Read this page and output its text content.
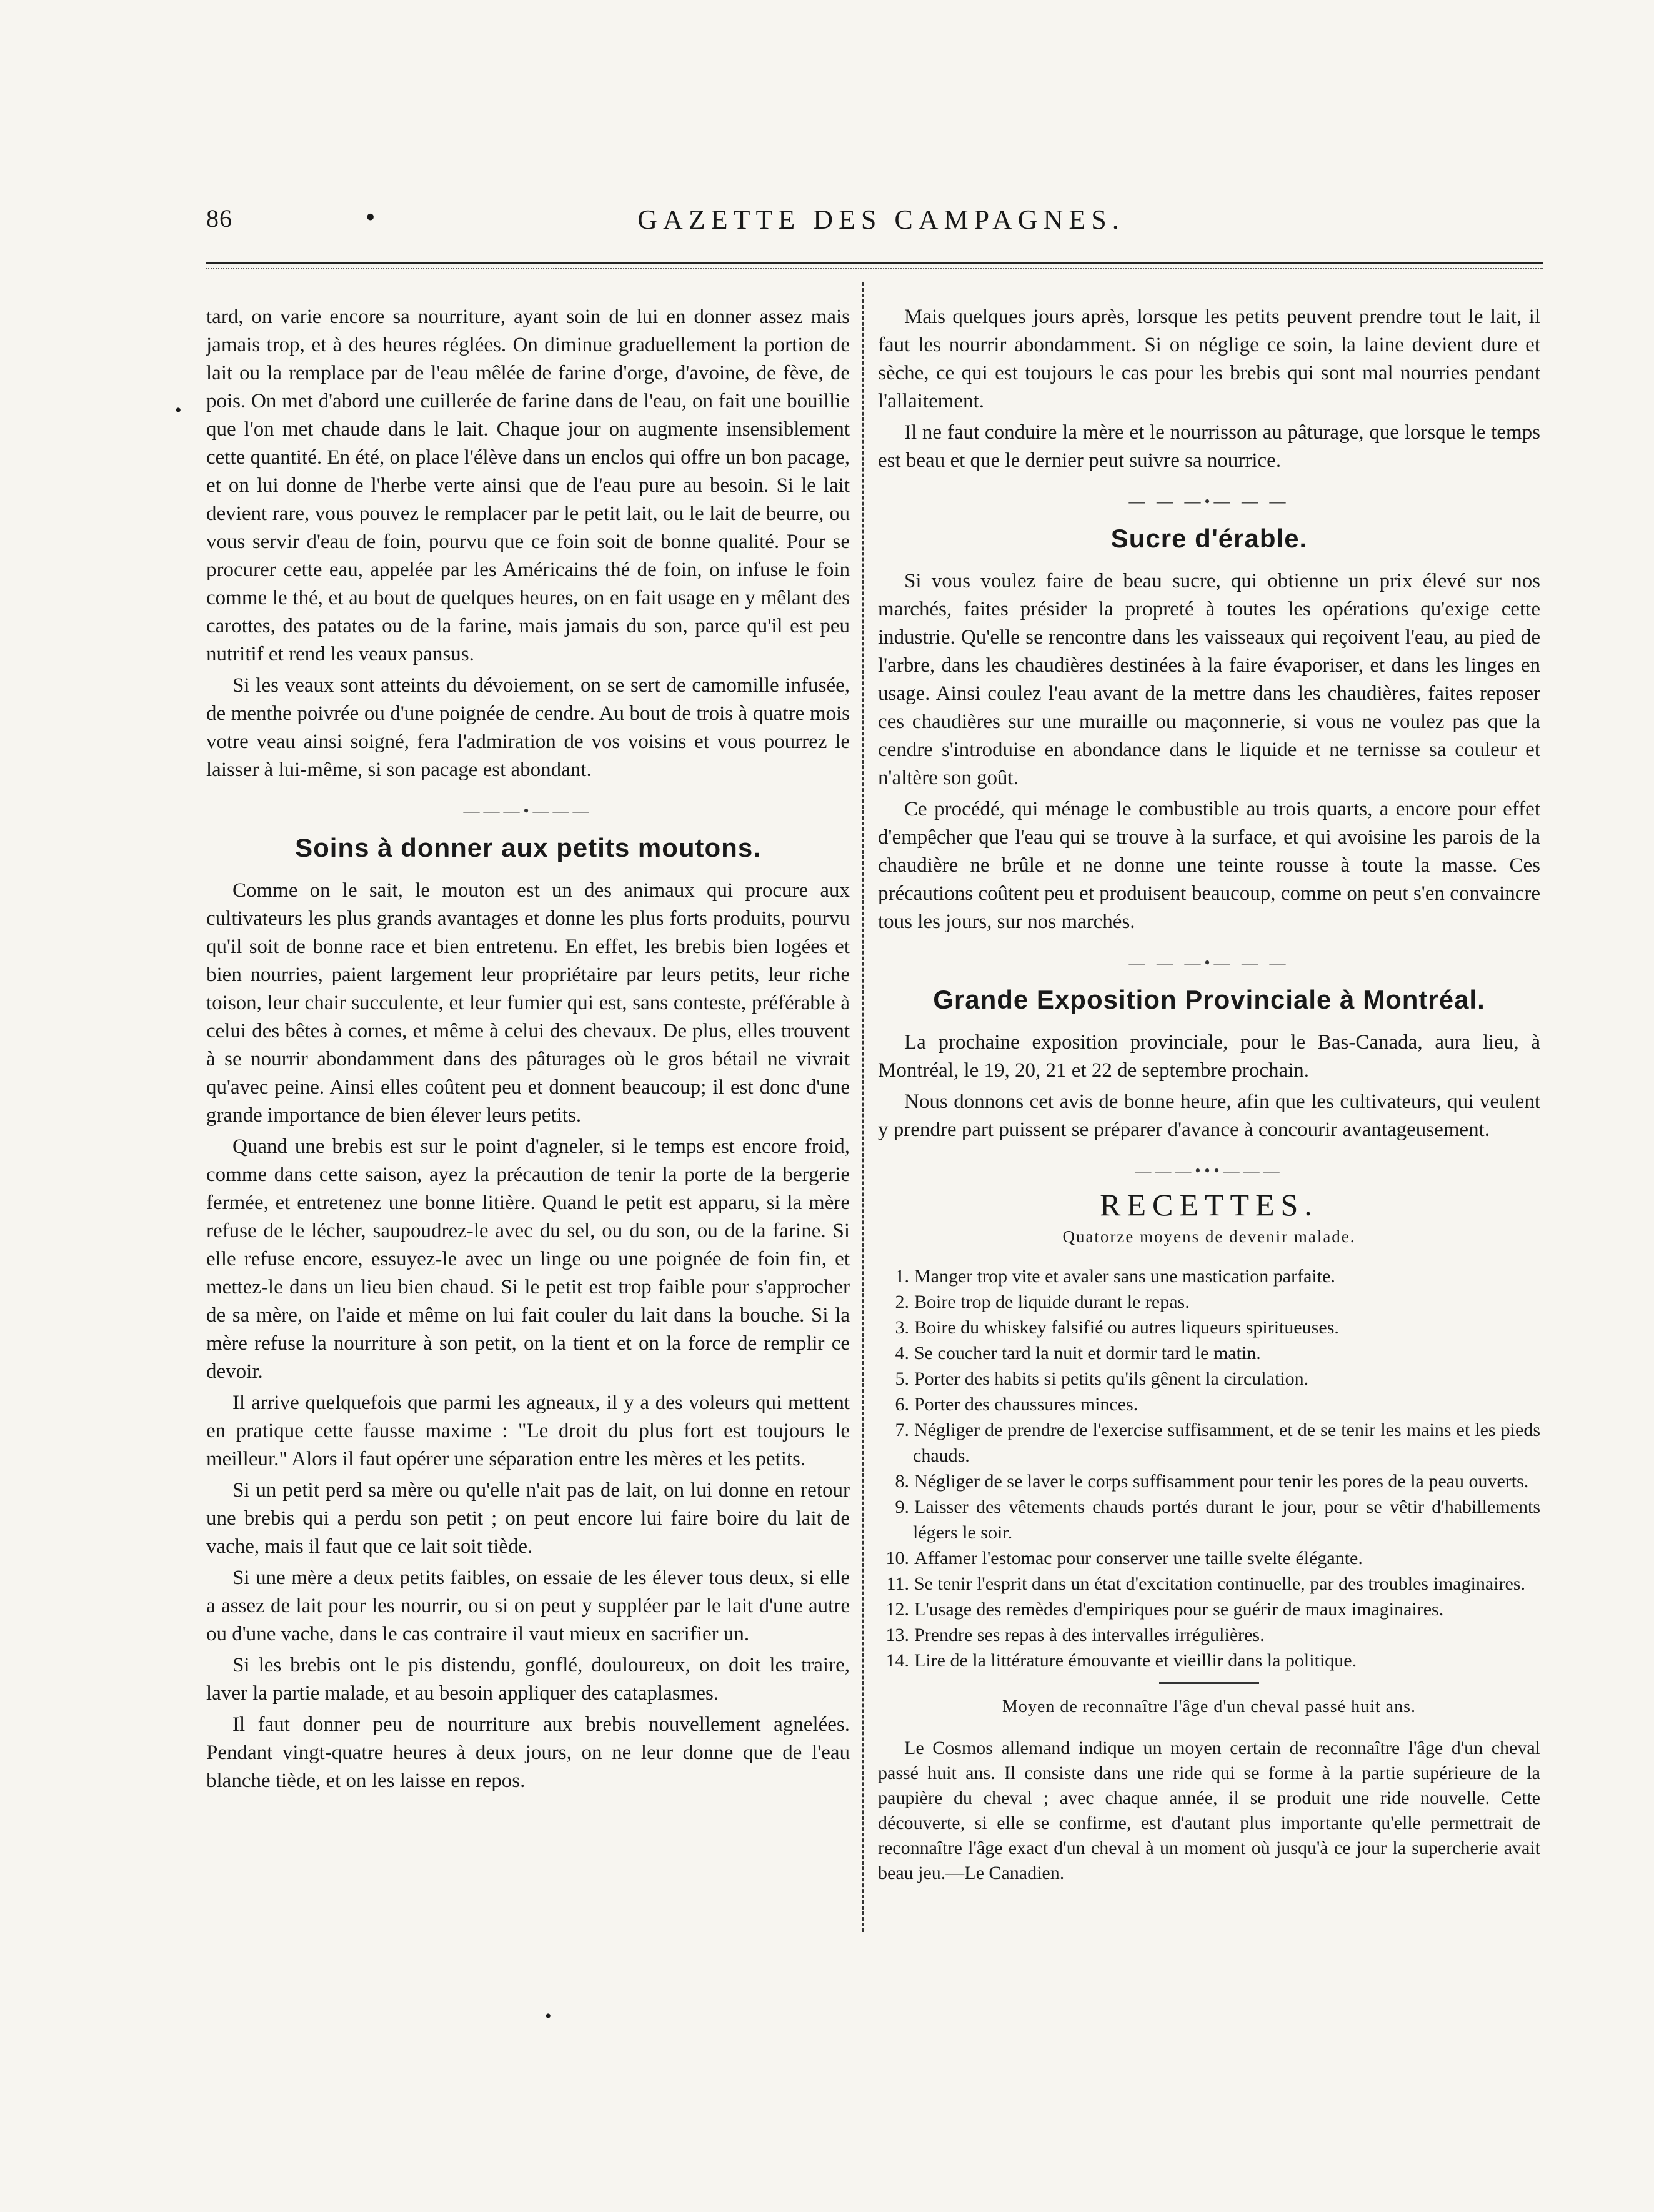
86	•	GAZETTE DES CAMPAGNES.
•
•

tard, on varie encore sa nourriture, ayant soin de lui en donner assez mais jamais trop, et à des heures réglées. On diminue graduellement la portion de lait ou la remplace par de l'eau mêlée de farine d'orge, d'avoine, de fève, de pois. On met d'abord une cuillerée de farine dans de l'eau, on fait une bouillie que l'on met chaude dans le lait. Chaque jour on augmente insensiblement cette quantité. En été, on place l'élève dans un enclos qui offre un bon pacage, et on lui donne de l'herbe verte ainsi que de l'eau pure au besoin. Si le lait devient rare, vous pouvez le remplacer par le petit lait, ou le lait de beurre, ou vous servir d'eau de foin, pourvu que ce foin soit de bonne qualité. Pour se procurer cette eau, appelée par les Américains thé de foin, on infuse le foin comme le thé, et au bout de quelques heures, on en fait usage en y mêlant des carottes, des patates ou de la farine, mais jamais du son, parce qu'il est peu nutritif et rend les veaux pansus.

Si les veaux sont atteints du dévoiement, on se sert de camomille infusée, de menthe poivrée ou d'une poignée de cendre. Au bout de trois à quatre mois votre veau ainsi soigné, fera l'admiration de vos voisins et vous pourrez le laisser à lui-même, si son pacage est abondant.

———•———
Soins à donner aux petits moutons.

Comme on le sait, le mouton est un des animaux qui procure aux cultivateurs les plus grands avantages et donne les plus forts produits, pourvu qu'il soit de bonne race et bien entretenu. En effet, les brebis bien logées et bien nourries, paient largement leur propriétaire par leurs petits, leur riche toison, leur chair succulente, et leur fumier qui est, sans conteste, préférable à celui des bêtes à cornes, et même à celui des chevaux. De plus, elles trouvent à se nourrir abondamment dans des pâturages où le gros bétail ne vivrait qu'avec peine. Ainsi elles coûtent peu et donnent beaucoup; il est donc d'une grande importance de bien élever leurs petits.

Quand une brebis est sur le point d'agneler, si le temps est encore froid, comme dans cette saison, ayez la précaution de tenir la porte de la bergerie fermée, et entretenez une bonne litière. Quand le petit est apparu, si la mère refuse de le lécher, saupoudrez-le avec du sel, ou du son, ou de la farine. Si elle refuse encore, essuyez-le avec un linge ou une poignée de foin fin, et mettez-le dans un lieu bien chaud. Si le petit est trop faible pour s'approcher de sa mère, on l'aide et même on lui fait couler du lait dans la bouche. Si la mère refuse la nourriture à son petit, on la tient et on la force de remplir ce devoir.

Il arrive quelquefois que parmi les agneaux, il y a des voleurs qui mettent en pratique cette fausse maxime : "Le droit du plus fort est toujours le meilleur." Alors il faut opérer une séparation entre les mères et les petits.

Si un petit perd sa mère ou qu'elle n'ait pas de lait, on lui donne en retour une brebis qui a perdu son petit ; on peut encore lui faire boire du lait de vache, mais il faut que ce lait soit tiède.

Si une mère a deux petits faibles, on essaie de les élever tous deux, si elle a assez de lait pour les nourrir, ou si on peut y suppléer par le lait d'une autre ou d'une vache, dans le cas contraire il vaut mieux en sacrifier un.

Si les brebis ont le pis distendu, gonflé, douloureux, on doit les traire, laver la partie malade, et au besoin appliquer des cataplasmes.

Il faut donner peu de nourriture aux brebis nouvellement agnelées. Pendant vingt-quatre heures à deux jours, on ne leur donne que de l'eau blanche tiède, et on les laisse en repos.

Mais quelques jours après, lorsque les petits peuvent prendre tout le lait, il faut les nourrir abondamment. Si on néglige ce soin, la laine devient dure et sèche, ce qui est toujours le cas pour les brebis qui sont mal nourries pendant l'allaitement.

Il ne faut conduire la mère et le nourrisson au pâturage, que lorsque le temps est beau et que le dernier peut suivre sa nourrice.

— — —•— — —
Sucre d'érable.

Si vous voulez faire de beau sucre, qui obtienne un prix élevé sur nos marchés, faites présider la propreté à toutes les opérations qu'exige cette industrie. Qu'elle se rencontre dans les vaisseaux qui reçoivent l'eau, au pied de l'arbre, dans les chaudières destinées à la faire évaporiser, et dans les linges en usage. Ainsi coulez l'eau avant de la mettre dans les chaudières, faites reposer ces chaudières sur une muraille ou maçonnerie, si vous ne voulez pas que la cendre s'introduise en abondance dans le liquide et ne ternisse sa couleur et n'altère son goût.

Ce procédé, qui ménage le combustible au trois quarts, a encore pour effet d'empêcher que l'eau qui se trouve à la surface, et qui avoisine les parois de la chaudière ne brûle et ne donne une teinte rousse à toute la masse. Ces précautions coûtent peu et produisent beaucoup, comme on peut s'en convaincre tous les jours, sur nos marchés.

— — —•— — —
Grande Exposition Provinciale à Montréal.

La prochaine exposition provinciale, pour le Bas-Canada, aura lieu, à Montréal, le 19, 20, 21 et 22 de septembre prochain.

Nous donnons cet avis de bonne heure, afin que les cultivateurs, qui veulent y prendre part puissent se préparer d'avance à concourir avantageusement.

———•••———
RECETTES.
Quatorze moyens de devenir malade.
1. Manger trop vite et avaler sans une mastication parfaite.
2. Boire trop de liquide durant le repas.
3. Boire du whiskey falsifié ou autres liqueurs spiritueuses.
4. Se coucher tard la nuit et dormir tard le matin.
5. Porter des habits si petits qu'ils gênent la circulation.
6. Porter des chaussures minces.
7. Négliger de prendre de l'exercise suffisamment, et de se tenir les mains et les pieds chauds.
8. Négliger de se laver le corps suffisamment pour tenir les pores de la peau ouverts.
9. Laisser des vêtements chauds portés durant le jour, pour se vêtir d'habillements légers le soir.
10. Affamer l'estomac pour conserver une taille svelte élégante.
11. Se tenir l'esprit dans un état d'excitation continuelle, par des troubles imaginaires.
12. L'usage des remèdes d'empiriques pour se guérir de maux imaginaires.
13. Prendre ses repas à des intervalles irrégulières.
14. Lire de la littérature émouvante et vieillir dans la politique.
Moyen de reconnaître l'âge d'un cheval passé huit ans.

Le Cosmos allemand indique un moyen certain de reconnaître l'âge d'un cheval passé huit ans. Il consiste dans une ride qui se forme à la partie supérieure de la paupière du cheval ; avec chaque année, il se produit une ride nouvelle. Cette découverte, si elle se confirme, est d'autant plus importante qu'elle permettrait de reconnaître l'âge exact d'un cheval à un moment où jusqu'à ce jour la supercherie avait beau jeu.—Le Canadien.
